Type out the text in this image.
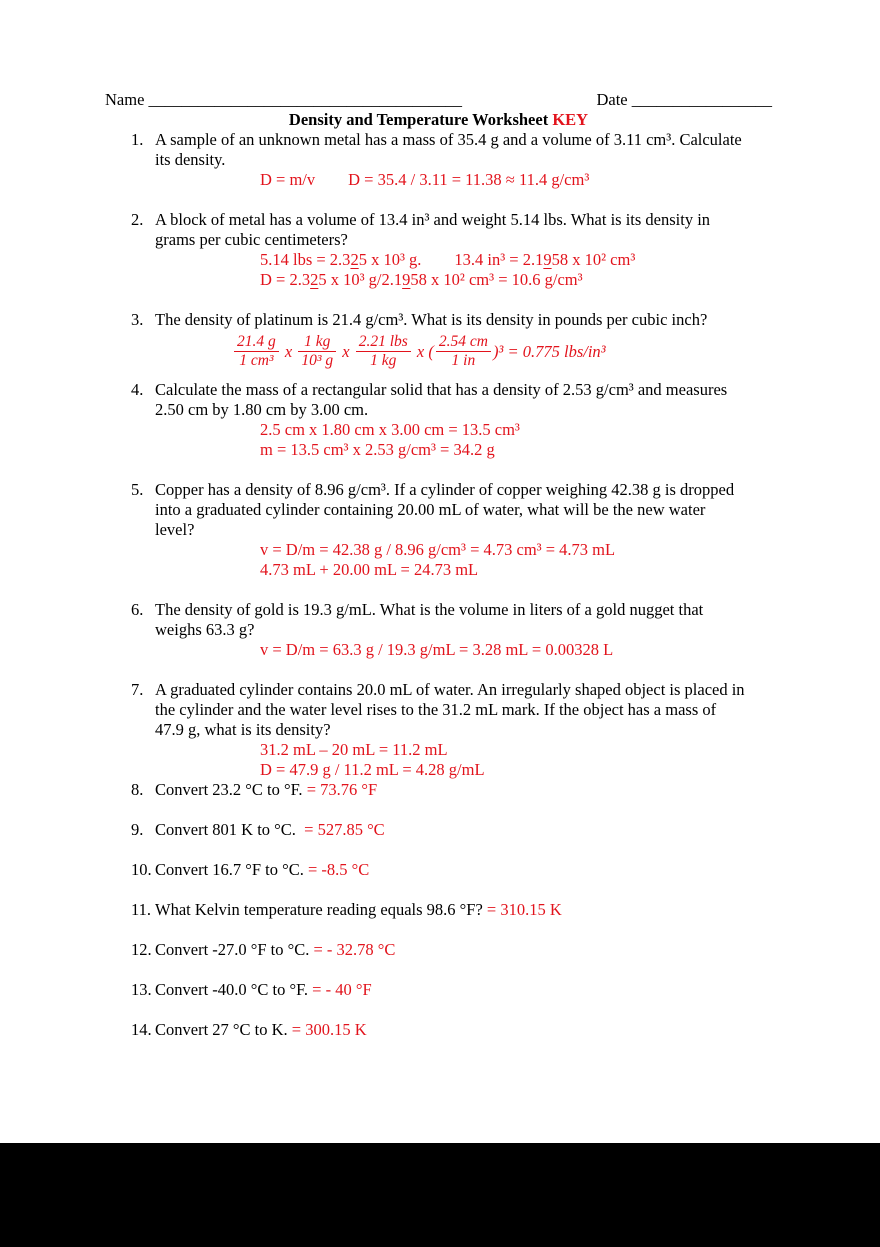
Name ______________________________________	Date _________________
Density and Temperature Worksheet KEY
1. A sample of an unknown metal has a mass of 35.4 g and a volume of 3.11 cm³. Calculate
its density.
D = m/v        D = 35.4 / 3.11 = 11.38 ≈ 11.4 g/cm³
2. A block of metal has a volume of 13.4 in³ and weight 5.14 lbs. What is its density in
grams per cubic centimeters?
5.14 lbs = 2.325 x 10³ g.        13.4 in³ = 2.1958 x 10² cm³
D = 2.325 x 10³ g/2.1958 x 10² cm³ = 10.6 g/cm³
3. The density of platinum is 21.4 g/cm³. What is its density in pounds per cubic inch?
$\frac{21.4 g}{\text{1 cm³}}$ x $\frac{1 kg}{\text{10³ g}}$ x $\frac{\text{2.21 lbs}}{1 kg}$ x ( $\frac{2.54 cm}{1 in} )^3 = 0.775$ lbs/in³
4. Calculate the mass of a rectangular solid that has a density of 2.53 g/cm³ and measures
2.50 cm by 1.80 cm by 3.00 cm.
2.5 cm x 1.80 cm x 3.00 cm = 13.5 cm³
m = 13.5 cm³ x 2.53 g/cm³ = 34.2 g
5. Copper has a density of 8.96 g/cm³. If a cylinder of copper weighing 42.38 g is dropped
into a graduated cylinder containing 20.00 mL of water, what will be the new water
level?
v = D/m = 42.38 g / 8.96 g/cm³ = 4.73 cm³ = 4.73 mL
4.73 mL + 20.00 mL = 24.73 mL
6. The density of gold is 19.3 g/mL. What is the volume in liters of a gold nugget that
weighs 63.3 g?
v = D/m = 63.3 g / 19.3 g/mL = 3.28 mL = 0.00328 L
7. A graduated cylinder contains 20.0 mL of water. An irregularly shaped object is placed in
the cylinder and the water level rises to the 31.2 mL mark. If the object has a mass of
47.9 g, what is its density?
31.2 mL – 20 mL = 11.2 mL
D = 47.9 g / 11.2 mL = 4.28 g/mL
8. Convert 23.2 °C to °F. = 73.76 °F
9. Convert 801 K to °C.  = 527.85 °C
10. Convert 16.7 °F to °C. = -8.5 °C
11. What Kelvin temperature reading equals 98.6 °F? = 310.15 K
12. Convert -27.0 °F to °C. = - 32.78 °C
13. Convert -40.0 °C to °F. = - 40 °F
14. Convert 27 °C to K. = 300.15 K
